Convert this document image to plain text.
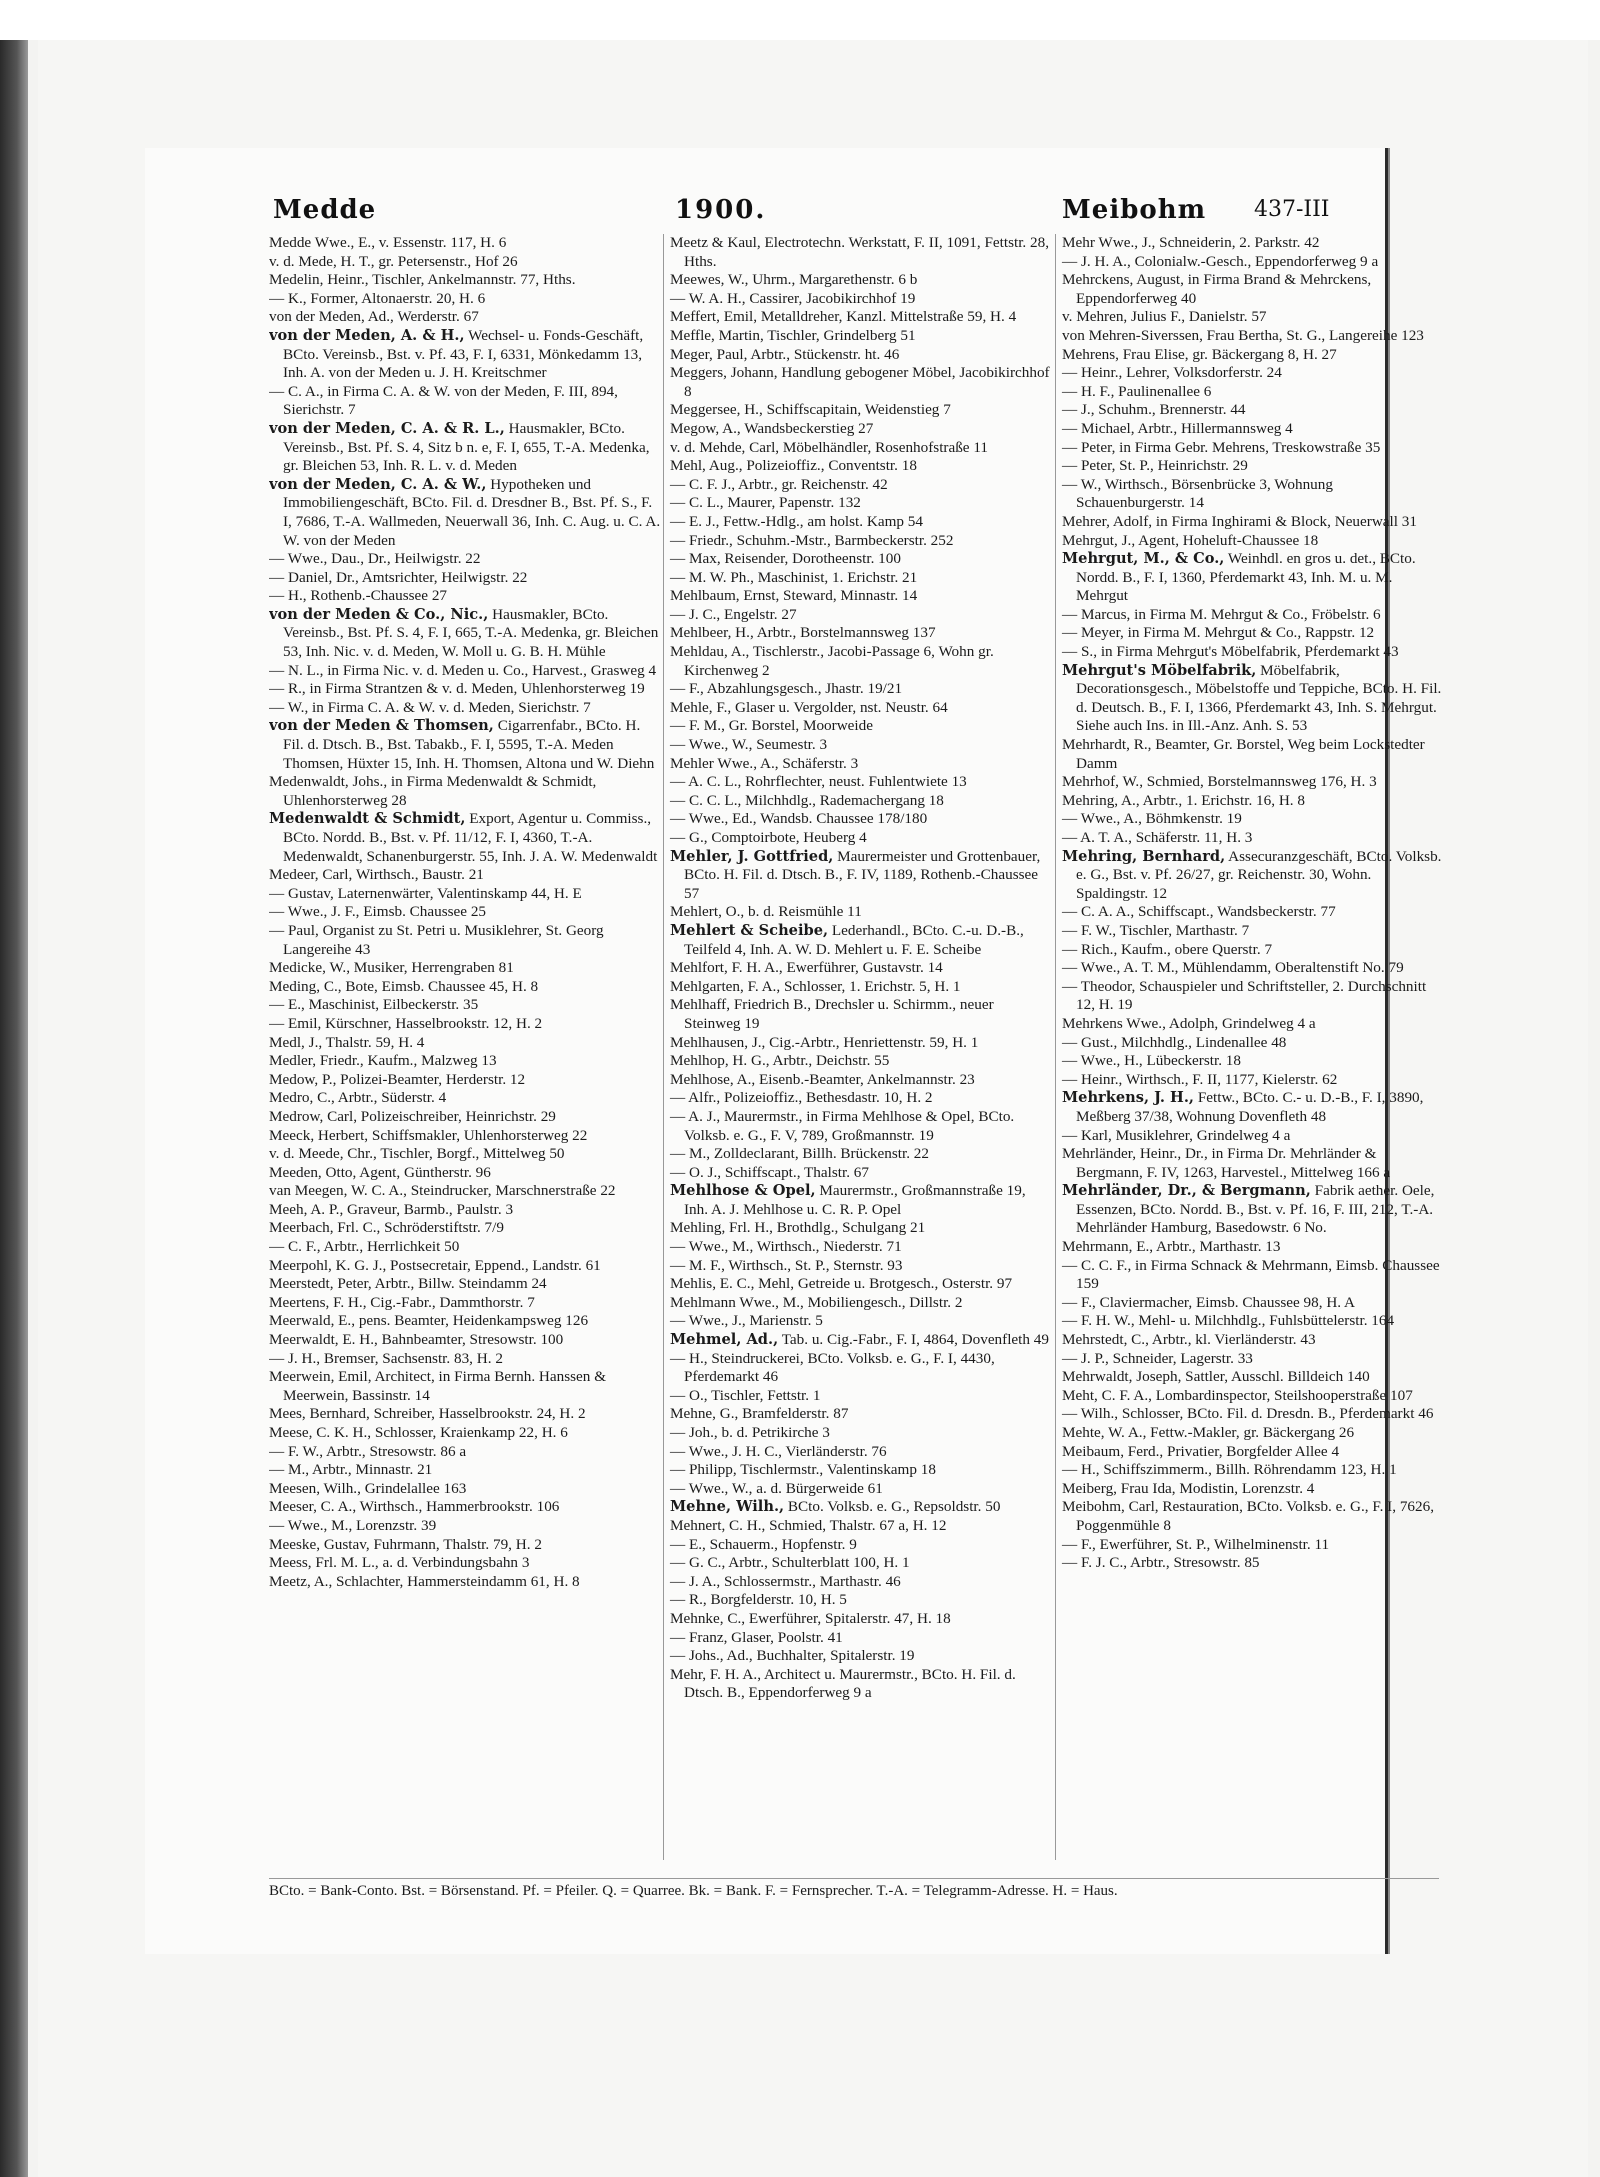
Medde	1900.	Meibohm 437-III

Medde Wwe., E., v. Essenstr. 117, H. 6

v. d. Mede, H. T., gr. Petersenstr., Hof 26

Medelin, Heinr., Tischler, Ankelmannstr. 77, Hths.

— K., Former, Altonaerstr. 20, H. 6

von der Meden, Ad., Werderstr. 67

von der Meden, A. & H., Wechsel- u. Fonds-Geschäft, BCto. Vereinsb., Bst. v. Pf. 43, F. I, 6331, Mönkedamm 13, Inh. A. von der Meden u. J. H. Kreitschmer

— C. A., in Firma C. A. & W. von der Meden, F. III, 894, Sierichstr. 7

von der Meden, C. A. & R. L., Hausmakler, BCto. Vereinsb., Bst. Pf. S. 4, Sitz b n. e, F. I, 655, T.-A. Medenka, gr. Bleichen 53, Inh. R. L. v. d. Meden

von der Meden, C. A. & W., Hypotheken und Immobiliengeschäft, BCto. Fil. d. Dresdner B., Bst. Pf. S., F. I, 7686, T.-A. Wallmeden, Neuerwall 36, Inh. C. Aug. u. C. A. W. von der Meden

— Wwe., Dau., Dr., Heilwigstr. 22

— Daniel, Dr., Amtsrichter, Heilwigstr. 22

— H., Rothenb.-Chaussee 27

von der Meden & Co., Nic., Hausmakler, BCto. Vereinsb., Bst. Pf. S. 4, F. I, 665, T.-A. Medenka, gr. Bleichen 53, Inh. Nic. v. d. Meden, W. Moll u. G. B. H. Mühle

— N. L., in Firma Nic. v. d. Meden u. Co., Harvest., Grasweg 4

— R., in Firma Strantzen & v. d. Meden, Uhlenhorsterweg 19

— W., in Firma C. A. & W. v. d. Meden, Sierichstr. 7

von der Meden & Thomsen, Cigarrenfabr., BCto. H. Fil. d. Dtsch. B., Bst. Tabakb., F. I, 5595, T.-A. Meden Thomsen, Hüxter 15, Inh. H. Thomsen, Altona und W. Diehn

Medenwaldt, Johs., in Firma Medenwaldt & Schmidt, Uhlenhorsterweg 28

Medenwaldt & Schmidt, Export, Agentur u. Commiss., BCto. Nordd. B., Bst. v. Pf. 11/12, F. I, 4360, T.-A. Medenwaldt, Schanenburgerstr. 55, Inh. J. A. W. Medenwaldt

Medeer, Carl, Wirthsch., Baustr. 21

— Gustav, Laternenwärter, Valentinskamp 44, H. E

— Wwe., J. F., Eimsb. Chaussee 25

— Paul, Organist zu St. Petri u. Musiklehrer, St. Georg Langereihe 43

Medicke, W., Musiker, Herrengraben 81

Meding, C., Bote, Eimsb. Chaussee 45, H. 8

— E., Maschinist, Eilbeckerstr. 35

— Emil, Kürschner, Hasselbrookstr. 12, H. 2

Medl, J., Thalstr. 59, H. 4

Medler, Friedr., Kaufm., Malzweg 13

Medow, P., Polizei-Beamter, Herderstr. 12

Medro, C., Arbtr., Süderstr. 4

Medrow, Carl, Polizeischreiber, Heinrichstr. 29

Meeck, Herbert, Schiffsmakler, Uhlenhorsterweg 22

v. d. Meede, Chr., Tischler, Borgf., Mittelweg 50

Meeden, Otto, Agent, Güntherstr. 96

van Meegen, W. C. A., Steindrucker, Marschnerstraße 22

Meeh, A. P., Graveur, Barmb., Paulstr. 3

Meerbach, Frl. C., Schröderstiftstr. 7/9

— C. F., Arbtr., Herrlichkeit 50

Meerpohl, K. G. J., Postsecretair, Eppend., Landstr. 61

Meerstedt, Peter, Arbtr., Billw. Steindamm 24

Meertens, F. H., Cig.-Fabr., Dammthorstr. 7

Meerwald, E., pens. Beamter, Heidenkampsweg 126

Meerwaldt, E. H., Bahnbeamter, Stresowstr. 100

— J. H., Bremser, Sachsenstr. 83, H. 2

Meerwein, Emil, Architect, in Firma Bernh. Hanssen & Meerwein, Bassinstr. 14

Mees, Bernhard, Schreiber, Hasselbrookstr. 24, H. 2

Meese, C. K. H., Schlosser, Kraienkamp 22, H. 6

— F. W., Arbtr., Stresowstr. 86 a

— M., Arbtr., Minnastr. 21

Meesen, Wilh., Grindelallee 163

Meeser, C. A., Wirthsch., Hammerbrookstr. 106

— Wwe., M., Lorenzstr. 39

Meeske, Gustav, Fuhrmann, Thalstr. 79, H. 2

Meess, Frl. M. L., a. d. Verbindungsbahn 3

Meetz, A., Schlachter, Hammersteindamm 61, H. 8

Meetz & Kaul, Electrotechn. Werkstatt, F. II, 1091, Fettstr. 28, Hths.

Meewes, W., Uhrm., Margarethenstr. 6 b

— W. A. H., Cassirer, Jacobikirchhof 19

Meffert, Emil, Metalldreher, Kanzl. Mittelstraße 59, H. 4

Meffle, Martin, Tischler, Grindelberg 51

Meger, Paul, Arbtr., Stückenstr. ht. 46

Meggers, Johann, Handlung gebogener Möbel, Jacobikirchhof 8

Meggersee, H., Schiffscapitain, Weidenstieg 7

Megow, A., Wandsbeckerstieg 27

v. d. Mehde, Carl, Möbelhändler, Rosenhofstraße 11

Mehl, Aug., Polizeioffiz., Conventstr. 18

— C. F. J., Arbtr., gr. Reichenstr. 42

— C. L., Maurer, Papenstr. 132

— E. J., Fettw.-Hdlg., am holst. Kamp 54

— Friedr., Schuhm.-Mstr., Barmbeckerstr. 252

— Max, Reisender, Dorotheenstr. 100

— M. W. Ph., Maschinist, 1. Erichstr. 21

Mehlbaum, Ernst, Steward, Minnastr. 14

— J. C., Engelstr. 27

Mehlbeer, H., Arbtr., Borstelmannsweg 137

Mehldau, A., Tischlerstr., Jacobi-Passage 6, Wohn gr. Kirchenweg 2

— F., Abzahlungsgesch., Jhastr. 19/21

Mehle, F., Glaser u. Vergolder, nst. Neustr. 64

— F. M., Gr. Borstel, Moorweide

— Wwe., W., Seumestr. 3

Mehler Wwe., A., Schäferstr. 3

— A. C. L., Rohrflechter, neust. Fuhlentwiete 13

— C. C. L., Milchhdlg., Rademachergang 18

— Wwe., Ed., Wandsb. Chaussee 178/180

— G., Comptoirbote, Heuberg 4

Mehler, J. Gottfried, Maurermeister und Grottenbauer, BCto. H. Fil. d. Dtsch. B., F. IV, 1189, Rothenb.-Chaussee 57

Mehlert, O., b. d. Reismühle 11

Mehlert & Scheibe, Lederhandl., BCto. C.-u. D.-B., Teilfeld 4, Inh. A. W. D. Mehlert u. F. E. Scheibe

Mehlfort, F. H. A., Ewerführer, Gustavstr. 14

Mehlgarten, F. A., Schlosser, 1. Erichstr. 5, H. 1

Mehlhaff, Friedrich B., Drechsler u. Schirmm., neuer Steinweg 19

Mehlhausen, J., Cig.-Arbtr., Henriettenstr. 59, H. 1

Mehlhop, H. G., Arbtr., Deichstr. 55

Mehlhose, A., Eisenb.-Beamter, Ankelmannstr. 23

— Alfr., Polizeioffiz., Bethesdastr. 10, H. 2

— A. J., Maurermstr., in Firma Mehlhose & Opel, BCto. Volksb. e. G., F. V, 789, Großmannstr. 19

— M., Zolldeclarant, Billh. Brückenstr. 22

— O. J., Schiffscapt., Thalstr. 67

Mehlhose & Opel, Maurermstr., Großmannstraße 19, Inh. A. J. Mehlhose u. C. R. P. Opel

Mehling, Frl. H., Brothdlg., Schulgang 21

— Wwe., M., Wirthsch., Niederstr. 71

— M. F., Wirthsch., St. P., Sternstr. 93

Mehlis, E. C., Mehl, Getreide u. Brotgesch., Osterstr. 97

Mehlmann Wwe., M., Mobiliengesch., Dillstr. 2

— Wwe., J., Marienstr. 5

Mehmel, Ad., Tab. u. Cig.-Fabr., F. I, 4864, Dovenfleth 49

— H., Steindruckerei, BCto. Volksb. e. G., F. I, 4430, Pferdemarkt 46

— O., Tischler, Fettstr. 1

Mehne, G., Bramfelderstr. 87

— Joh., b. d. Petrikirche 3

— Wwe., J. H. C., Vierländerstr. 76

— Philipp, Tischlermstr., Valentinskamp 18

— Wwe., W., a. d. Bürgerweide 61

Mehne, Wilh., BCto. Volksb. e. G., Repsoldstr. 50

Mehnert, C. H., Schmied, Thalstr. 67 a, H. 12

— E., Schauerm., Hopfenstr. 9

— G. C., Arbtr., Schulterblatt 100, H. 1

— J. A., Schlossermstr., Marthastr. 46

— R., Borgfelderstr. 10, H. 5

Mehnke, C., Ewerführer, Spitalerstr. 47, H. 18

— Franz, Glaser, Poolstr. 41

— Johs., Ad., Buchhalter, Spitalerstr. 19

Mehr, F. H. A., Architect u. Maurermstr., BCto. H. Fil. d. Dtsch. B., Eppendorferweg 9 a

Mehr Wwe., J., Schneiderin, 2. Parkstr. 42

— J. H. A., Colonialw.-Gesch., Eppendorferweg 9 a

Mehrckens, August, in Firma Brand & Mehrckens, Eppendorferweg 40

v. Mehren, Julius F., Danielstr. 57

von Mehren-Siverssen, Frau Bertha, St. G., Langereihe 123

Mehrens, Frau Elise, gr. Bäckergang 8, H. 27

— Heinr., Lehrer, Volksdorferstr. 24

— H. F., Paulinenallee 6

— J., Schuhm., Brennerstr. 44

— Michael, Arbtr., Hillermannsweg 4

— Peter, in Firma Gebr. Mehrens, Treskowstraße 35

— Peter, St. P., Heinrichstr. 29

— W., Wirthsch., Börsenbrücke 3, Wohnung Schauenburgerstr. 14

Mehrer, Adolf, in Firma Inghirami & Block, Neuerwall 31

Mehrgut, J., Agent, Hoheluft-Chaussee 18

Mehrgut, M., & Co., Weinhdl. en gros u. det., BCto. Nordd. B., F. I, 1360, Pferdemarkt 43, Inh. M. u. M. Mehrgut

— Marcus, in Firma M. Mehrgut & Co., Fröbelstr. 6

— Meyer, in Firma M. Mehrgut & Co., Rappstr. 12

— S., in Firma Mehrgut's Möbelfabrik, Pferdemarkt 43

Mehrgut's Möbelfabrik, Möbelfabrik, Decorationsgesch., Möbelstoffe und Teppiche, BCto. H. Fil. d. Deutsch. B., F. I, 1366, Pferdemarkt 43, Inh. S. Mehrgut. Siehe auch Ins. in Ill.-Anz. Anh. S. 53

Mehrhardt, R., Beamter, Gr. Borstel, Weg beim Lockstedter Damm

Mehrhof, W., Schmied, Borstelmannsweg 176, H. 3

Mehring, A., Arbtr., 1. Erichstr. 16, H. 8

— Wwe., A., Böhmkenstr. 19

— A. T. A., Schäferstr. 11, H. 3

Mehring, Bernhard, Assecuranzgeschäft, BCto. Volksb. e. G., Bst. v. Pf. 26/27, gr. Reichenstr. 30, Wohn. Spaldingstr. 12

— C. A. A., Schiffscapt., Wandsbeckerstr. 77

— F. W., Tischler, Marthastr. 7

— Rich., Kaufm., obere Querstr. 7

— Wwe., A. T. M., Mühlendamm, Oberaltenstift No. 79

— Theodor, Schauspieler und Schriftsteller, 2. Durchschnitt 12, H. 19

Mehrkens Wwe., Adolph, Grindelweg 4 a

— Gust., Milchhdlg., Lindenallee 48

— Wwe., H., Lübeckerstr. 18

— Heinr., Wirthsch., F. II, 1177, Kielerstr. 62

Mehrkens, J. H., Fettw., BCto. C.- u. D.-B., F. I, 3890, Meßberg 37/38, Wohnung Dovenfleth 48

— Karl, Musiklehrer, Grindelweg 4 a

Mehrländer, Heinr., Dr., in Firma Dr. Mehrländer & Bergmann, F. IV, 1263, Harvestel., Mittelweg 166 a

Mehrländer, Dr., & Bergmann, Fabrik aether. Oele, Essenzen, BCto. Nordd. B., Bst. v. Pf. 16, F. III, 212, T.-A. Mehrländer Hamburg, Basedowstr. 6 No.

Mehrmann, E., Arbtr., Marthastr. 13

— C. C. F., in Firma Schnack & Mehrmann, Eimsb. Chaussee 159

— F., Claviermacher, Eimsb. Chaussee 98, H. A

— F. H. W., Mehl- u. Milchhdlg., Fuhlsbüttelerstr. 164

Mehrstedt, C., Arbtr., kl. Vierländerstr. 43

— J. P., Schneider, Lagerstr. 33

Mehrwaldt, Joseph, Sattler, Ausschl. Billdeich 140

Meht, C. F. A., Lombardinspector, Steilshooperstraße 107

— Wilh., Schlosser, BCto. Fil. d. Dresdn. B., Pferdemarkt 46

Mehte, W. A., Fettw.-Makler, gr. Bäckergang 26

Meibaum, Ferd., Privatier, Borgfelder Allee 4

— H., Schiffszimmerm., Billh. Röhrendamm 123, H. 1

Meiberg, Frau Ida, Modistin, Lorenzstr. 4

Meibohm, Carl, Restauration, BCto. Volksb. e. G., F. I, 7626, Poggenmühle 8

— F., Ewerführer, St. P., Wilhelminenstr. 11

— F. J. C., Arbtr., Stresowstr. 85

BCto. = Bank-Conto. Bst. = Börsenstand. Pf. = Pfeiler. Q. = Quarree. Bk. = Bank. F. = Fernsprecher. T.-A. = Telegramm-Adresse. H. = Haus.
